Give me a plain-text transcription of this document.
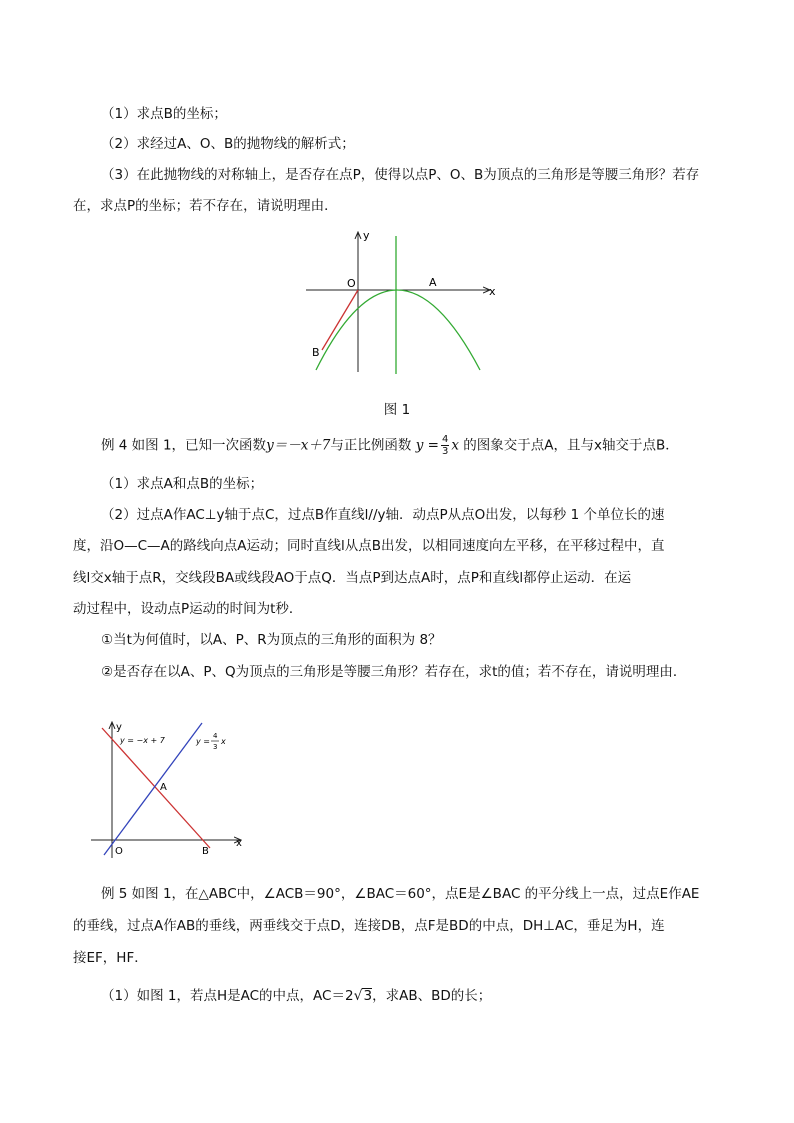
（1）求点B的坐标；
（2）求经过A、O、B的抛物线的解析式；
（3）在此抛物线的对称轴上，是否存在点P，使得以点P、O、B为顶点的三角形是等腰三角形？若存
在，求点P的坐标；若不存在，请说明理由．
y
x
O	A
B
图 1
例 4 如图 1，已知一次函数y＝－x＋7与正比例函数 $y = \frac{4}{3}$ x 的图象交于点A，且与x轴交于点B．
（1）求点A和点B的坐标；
（2）过点A作AC⊥y轴于点C，过点B作直线l//y轴．动点P从点O出发，以每秒 1 个单位长的速
度，沿O—C—A的路线向点A运动；同时直线l从点B出发，以相同速度向左平移，在平移过程中，直
线l交x轴于点R，交线段BA或线段AO于点Q．当点P到达点A时，点P和直线l都停止运动．在运
动过程中，设动点P运动的时间为t秒．
①当t为何值时，以A、P、R为顶点的三角形的面积为 8？
②是否存在以A、P、Q为顶点的三角形是等腰三角形？若存在，求t的值；若不存在，请说明理由．
y
x
O
A
B
y = −x + 7	y =
4
3
x
例 5 如图 1，在△ABC中，∠ACB＝90°，∠BAC＝60°，点E是∠BAC 的平分线上一点，过点E作AE
的垂线，过点A作AB的垂线，两垂线交于点D，连接DB，点F是BD的中点，DH⊥AC，垂足为H，连
接EF，HF．
（1）如图 1，若点H是AC的中点，AC＝2√3，求AB、BD的长；
